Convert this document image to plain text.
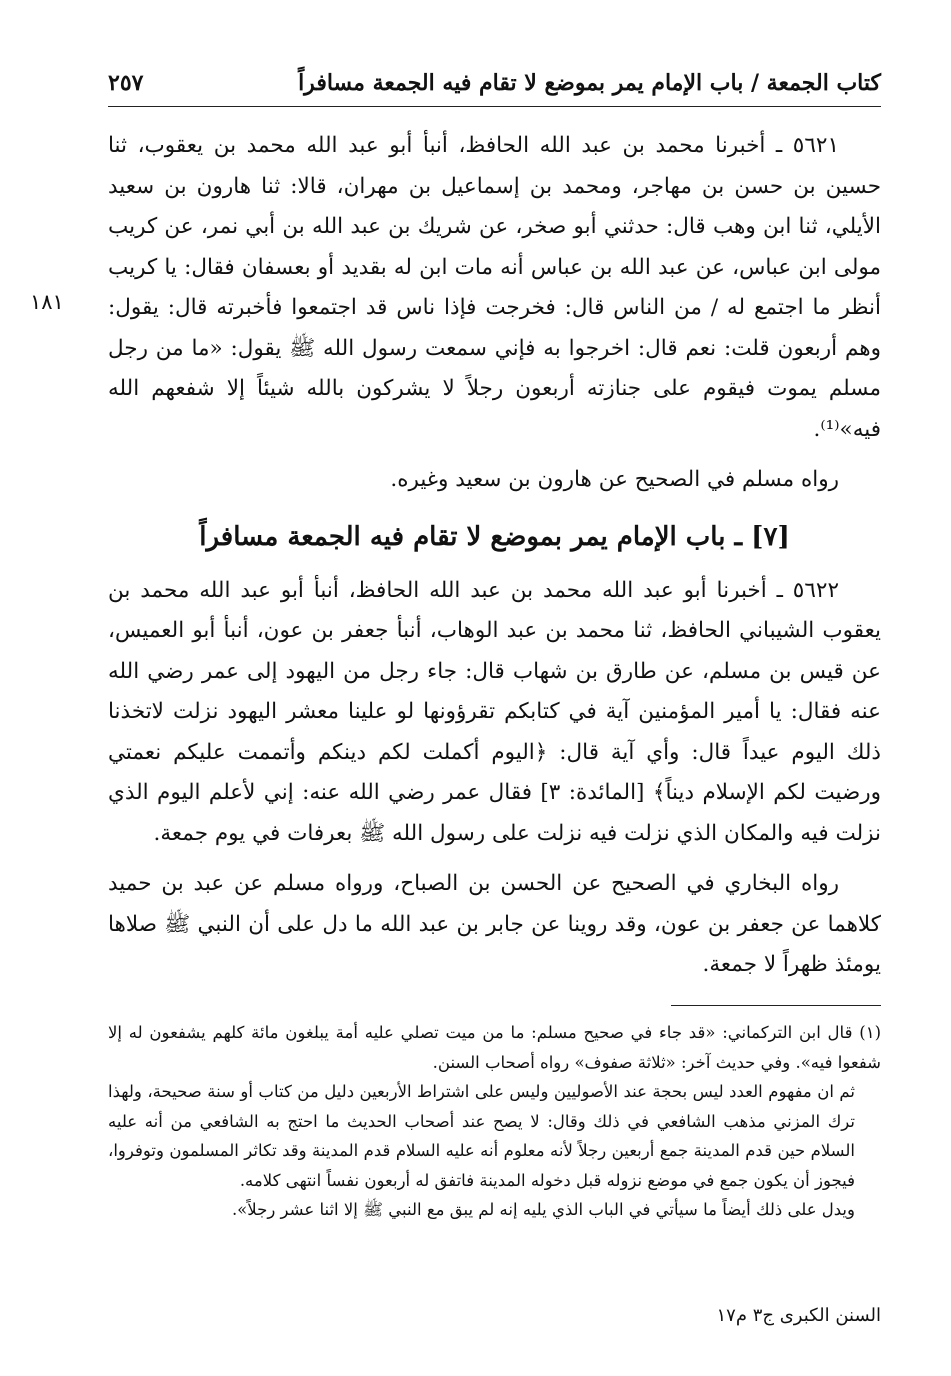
كتاب الجمعة / باب الإمام يمر بموضع لا تقام فيه الجمعة مسافراً
٢٥٧
١٨١

٥٦٢١ ـ أخبرنا محمد بن عبد الله الحافظ، أنبأ أبو عبد الله محمد بن يعقوب، ثنا حسين بن حسن بن مهاجر، ومحمد بن إسماعيل بن مهران، قالا: ثنا هارون بن سعيد الأيلي، ثنا ابن وهب قال: حدثني أبو صخر، عن شريك بن عبد الله بن أبي نمر، عن كريب مولى ابن عباس، عن عبد الله بن عباس أنه مات ابن له بقديد أو بعسفان فقال: يا كريب أنظر ما اجتمع له / من الناس قال: فخرجت فإذا ناس قد اجتمعوا فأخبرته قال: يقول: وهم أربعون قلت: نعم قال: اخرجوا به فإني سمعت رسول الله ﷺ يقول: «ما من رجل مسلم يموت فيقوم على جنازته أربعون رجلاً لا يشركون بالله شيئاً إلا شفعهم الله فيه»⁽¹⁾.

رواه مسلم في الصحيح عن هارون بن سعيد وغيره.

[٧] ـ باب الإمام يمر بموضع لا تقام فيه الجمعة مسافراً

٥٦٢٢ ـ أخبرنا أبو عبد الله محمد بن عبد الله الحافظ، أنبأ أبو عبد الله محمد بن يعقوب الشيباني الحافظ، ثنا محمد بن عبد الوهاب، أنبأ جعفر بن عون، أنبأ أبو العميس، عن قيس بن مسلم، عن طارق بن شهاب قال: جاء رجل من اليهود إلى عمر رضي الله عنه فقال: يا أمير المؤمنين آية في كتابكم تقرؤونها لو علينا معشر اليهود نزلت لاتخذنا ذلك اليوم عيداً قال: وأي آية قال: ﴿اليوم أكملت لكم دينكم وأتممت عليكم نعمتي ورضيت لكم الإسلام ديناً﴾ [المائدة: ٣] فقال عمر رضي الله عنه: إني لأعلم اليوم الذي نزلت فيه والمكان الذي نزلت فيه نزلت على رسول الله ﷺ بعرفات في يوم جمعة.

رواه البخاري في الصحيح عن الحسن بن الصباح، ورواه مسلم عن عبد بن حميد كلاهما عن جعفر بن عون، وقد روينا عن جابر بن عبد الله ما دل على أن النبي ﷺ صلاها يومئذ ظهراً لا جمعة.

(١) قال ابن التركماني: «قد جاء في صحيح مسلم: ما من ميت تصلي عليه أمة يبلغون مائة كلهم يشفعون له إلا شفعوا فيه». وفي حديث آخر: «ثلاثة صفوف» رواه أصحاب السنن.

ثم ان مفهوم العدد ليس بحجة عند الأصوليين وليس على اشتراط الأربعين دليل من كتاب أو سنة صحيحة، ولهذا ترك المزني مذهب الشافعي في ذلك وقال: لا يصح عند أصحاب الحديث ما احتج به الشافعي من أنه عليه السلام حين قدم المدينة جمع أربعين رجلاً لأنه معلوم أنه عليه السلام قدم المدينة وقد تكاثر المسلمون وتوفروا، فيجوز أن يكون جمع في موضع نزوله قبل دخوله المدينة فاتفق له أربعون نفساً انتهى كلامه.

ويدل على ذلك أيضاً ما سيأتي في الباب الذي يليه إنه لم يبق مع النبي ﷺ إلا اثنا عشر رجلاً».

السنن الكبرى ج٣ م١٧
